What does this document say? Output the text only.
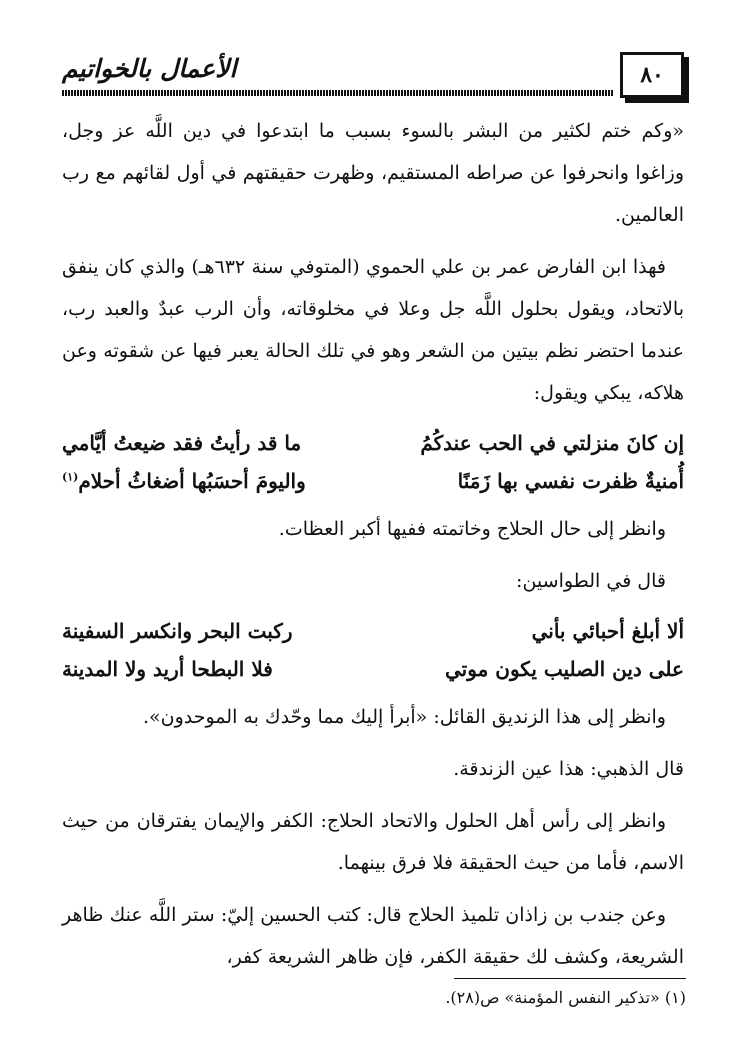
الأعمال بالخواتيم	٨٠

«وكم ختم لكثير من البشر بالسوء بسبب ما ابتدعوا في دين اللَّه عز وجل، وزاغوا وانحرفوا عن صراطه المستقيم، وظهرت حقيقتهم في أول لقائهم مع رب العالمين.

فهذا ابن الفارض عمر بن علي الحموي (المتوفي سنة ٦٣٢هـ) والذي كان ينفق بالاتحاد، ويقول بحلول اللَّه جل وعلا في مخلوقاته، وأن الرب عبدٌ والعبد رب، عندما احتضر نظم بيتين من الشعر وهو في تلك الحالة يعبر فيها عن شقوته وعن هلاكه، يبكي ويقول:

إن كانَ منزلتي في الحب عندكُمُ
ما قد رأيتُ فقد ضيعتُ أيَّامي
أُمنيةٌ ظفرت نفسي بها زَمَنًا
واليومَ أحسَبُها أضغاثُ أحلام$^{(١)}$

وانظر إلى حال الحلاج وخاتمته ففيها أكبر العظات.

قال في الطواسين:

ألا أبلغ أحبائي بأني
ركبت البحر وانكسر السفينة
على دين الصليب يكون موتي
فلا البطحا أريد ولا المدينة

وانظر إلى هذا الزنديق القائل: «أبرأ إليك مما وحّدك به الموحدون».

قال الذهبي: هذا عين الزندقة.

وانظر إلى رأس أهل الحلول والاتحاد الحلاج: الكفر والإيمان يفترقان من حيث الاسم، فأما من حيث الحقيقة فلا فرق بينهما.

وعن جندب بن زاذان تلميذ الحلاج قال: كتب الحسين إليّ: ستر اللَّه عنك ظاهر الشريعة، وكشف لك حقيقة الكفر، فإن ظاهر الشريعة كفر،

(١) «تذكير النفس المؤمنة» ص(٢٨).
